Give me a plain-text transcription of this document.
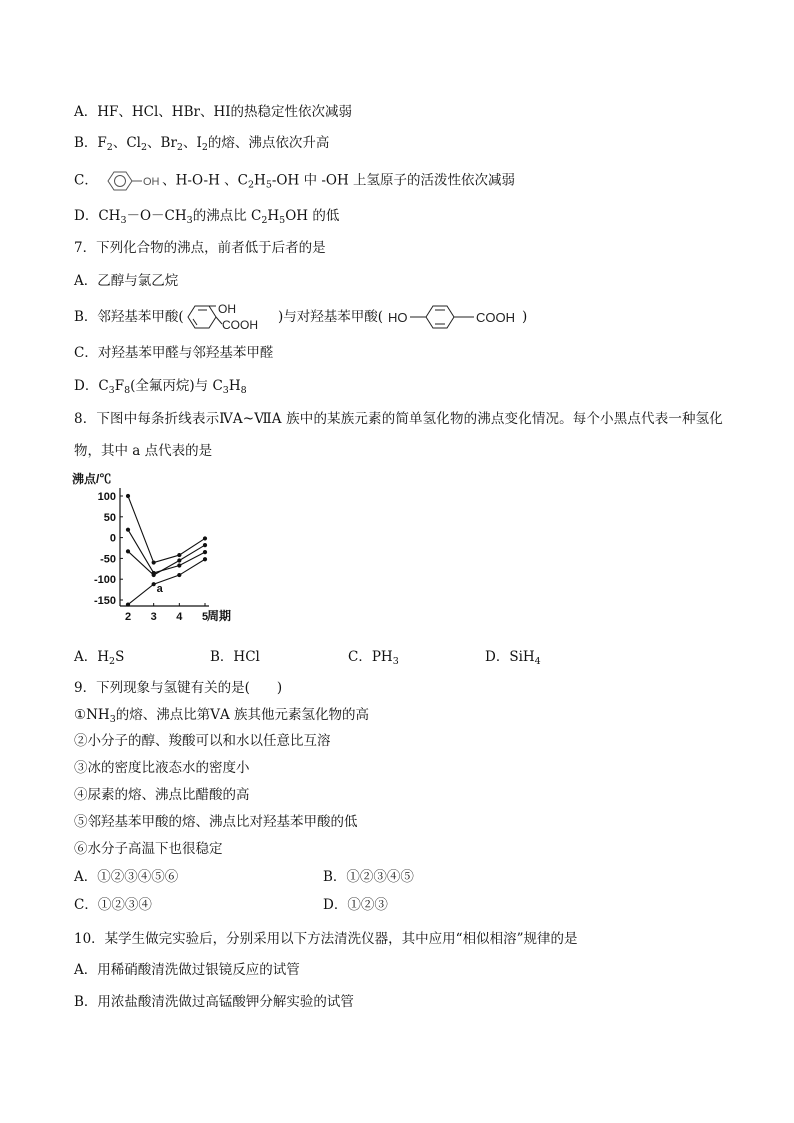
A．HF、HCl、HBr、HI的热稳定性依次减弱
B．$F_2$、$Cl_2$、$Br_2$、$I_2$的熔、沸点依次升高
C．	OH 、H-O-H 、$C_2H_5-OH$ 中 -OH 上氢原子的活泼性依次减弱
D．$CH_3-O-CH_3$的沸点比 $C_2H_5OH$ 的低
7．下列化合物的沸点，前者低于后者的是
A．乙醇与氯乙烷
B．邻羟基苯甲酸(	OH
COOH )与对羟基苯甲酸( HO	COOH )
C．对羟基苯甲醛与邻羟基苯甲醛
D．$C_3F_8$(全氟丙烷)与 $C_3H_8$
8．下图中每条折线表示ⅣA~ⅦA 族中的某族元素的简单氢化物的沸点变化情况。每个小黑点代表一种氢化
物，其中 a 点代表的是
沸点/℃
100
50
0
-50
-100
-150
2 3 4 5
a
周期
A．$H_2S$	B．HCl	C．$PH_3$	D．SiH$_4$
9．下列现象与氢键有关的是(　　)
$①NH_3$的熔、沸点比第ⅤA 族其他元素氢化物的高
②小分子的醇、羧酸可以和水以任意比互溶
③冰的密度比液态水的密度小
④尿素的熔、沸点比醋酸的高
⑤邻羟基苯甲酸的熔、沸点比对羟基苯甲酸的低
⑥水分子高温下也很稳定
A．①②③④⑤⑥	B．①②③④⑤
C．①②③④	D．①②③
10．某学生做完实验后，分别采用以下方法清洗仪器，其中应用“相似相溶”规律的是
A．用稀硝酸清洗做过银镜反应的试管
B．用浓盐酸清洗做过高锰酸钾分解实验的试管
